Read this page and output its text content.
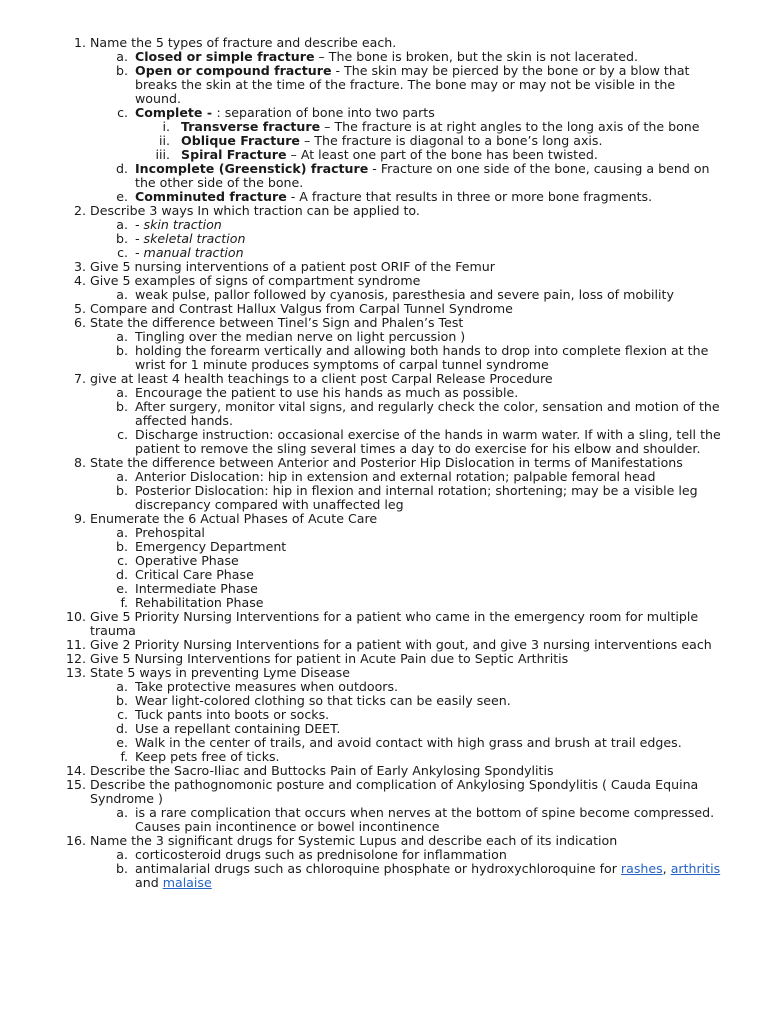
1. Name the 5 types of fracture and describe each.
a. Closed or simple fracture – The bone is broken, but the skin is not lacerated.
b. Open or compound fracture - The skin may be pierced by the bone or by a blow that breaks the skin at the time of the fracture. The bone may or may not be visible in the wound.
c. Complete - : separation of bone into two parts
i. Transverse fracture – The fracture is at right angles to the long axis of the bone
ii. Oblique Fracture – The fracture is diagonal to a bone’s long axis.
iii. Spiral Fracture – At least one part of the bone has been twisted.
d. Incomplete (Greenstick) fracture - Fracture on one side of the bone, causing a bend on the other side of the bone.
e. Comminuted fracture - A fracture that results in three or more bone fragments.
2. Describe 3 ways In which traction can be applied to.
a. - skin traction
b. - skeletal traction
c. - manual traction
3. Give 5 nursing interventions of a patient post ORIF of the Femur
4. Give 5 examples of signs of compartment syndrome
a. weak pulse, pallor followed by cyanosis, paresthesia and severe pain, loss of mobility
5. Compare and Contrast Hallux Valgus from Carpal Tunnel Syndrome
6. State the difference between Tinel’s Sign and Phalen’s Test
a. Tingling over the median nerve on light percussion )
b. holding the forearm vertically and allowing both hands to drop into complete flexion at the wrist for 1 minute produces symptoms of carpal tunnel syndrome
7. give at least 4 health teachings to a client post Carpal Release Procedure
a. Encourage the patient to use his hands as much as possible.
b. After surgery, monitor vital signs, and regularly check the color, sensation and motion of the affected hands.
c. Discharge instruction: occasional exercise of the hands in warm water. If with a sling, tell the patient to remove the sling several times a day to do exercise for his elbow and shoulder.
8. State the difference between Anterior and Posterior Hip Dislocation in terms of Manifestations
a. Anterior Dislocation: hip in extension and external rotation; palpable femoral head
b. Posterior Dislocation: hip in flexion and internal rotation; shortening; may be a visible leg discrepancy compared with unaffected leg
9. Enumerate the 6 Actual Phases of Acute Care
a. Prehospital
b. Emergency Department
c. Operative Phase
d. Critical Care Phase
e. Intermediate Phase
f. Rehabilitation Phase
10. Give 5 Priority Nursing Interventions for a patient who came in the emergency room for multiple trauma
11. Give 2 Priority Nursing Interventions for a patient with gout, and give 3 nursing interventions each
12. Give 5 Nursing Interventions for patient in Acute Pain due to Septic Arthritis
13. State 5 ways in preventing Lyme Disease
a. Take protective measures when outdoors.
b. Wear light-colored clothing so that ticks can be easily seen.
c. Tuck pants into boots or socks.
d. Use a repellant containing DEET.
e. Walk in the center of trails, and avoid contact with high grass and brush at trail edges.
f. Keep pets free of ticks.
14. Describe the Sacro-Iliac and Buttocks Pain of Early Ankylosing Spondylitis
15. Describe the pathognomonic posture and complication of Ankylosing Spondylitis ( Cauda Equina Syndrome )
a. is a rare complication that occurs when nerves at the bottom of spine become compressed. Causes pain incontinence or bowel incontinence
16. Name the 3 significant drugs for Systemic Lupus and describe each of its indication
a. corticosteroid drugs such as prednisolone for inflammation
b. antimalarial drugs such as chloroquine phosphate or hydroxychloroquine for rashes, arthritis and malaise
